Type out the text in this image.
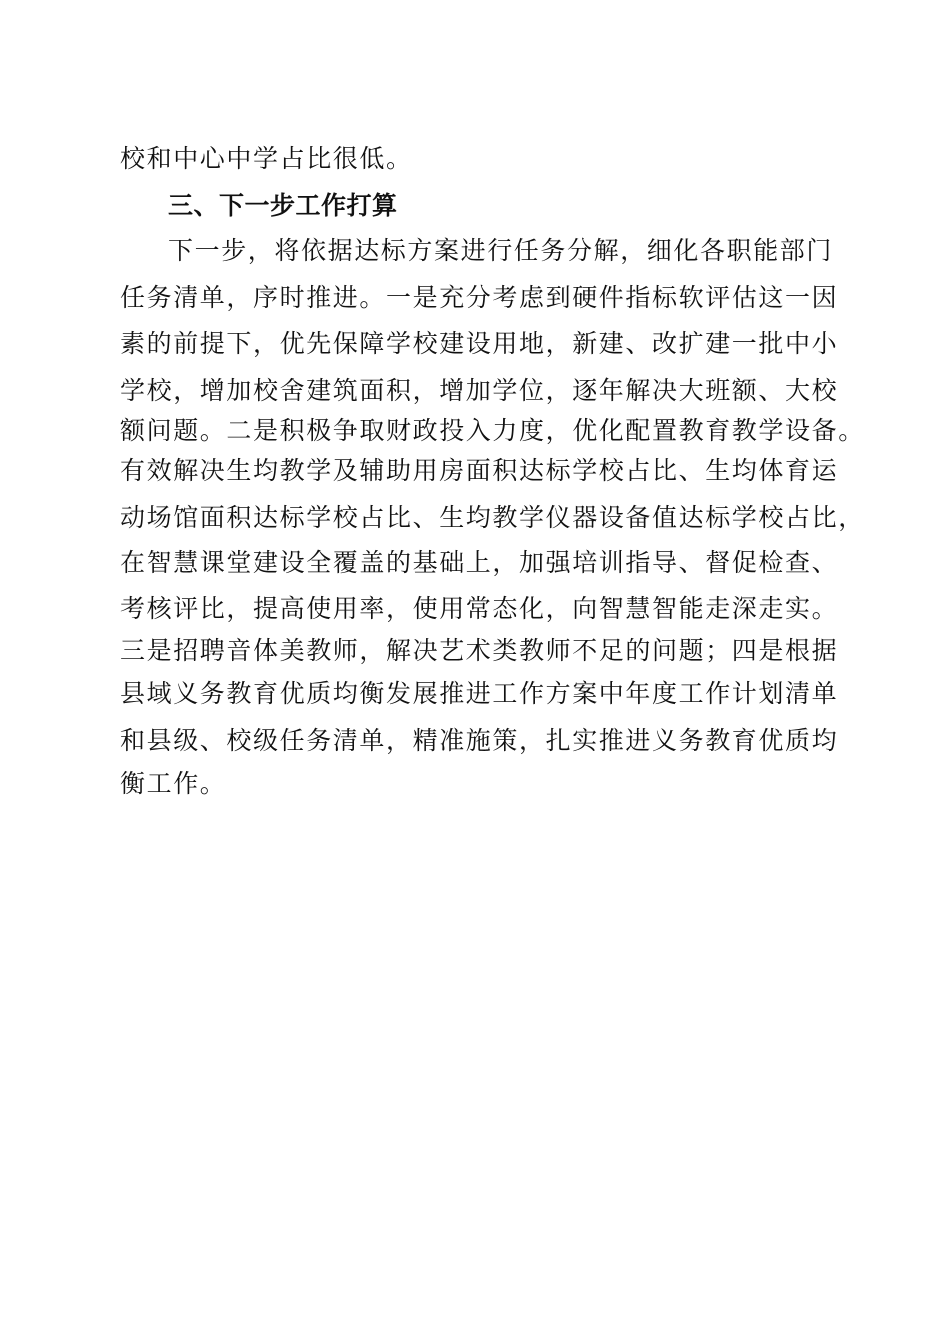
校和中心中学占比很低。
三、下一步工作打算
下一步，将依据达标方案进行任务分解，细化各职能部门
任务清单，序时推进。一是充分考虑到硬件指标软评估这一因
素的前提下，优先保障学校建设用地，新建、改扩建一批中小
学校，增加校舍建筑面积，增加学位，逐年解决大班额、大校
额问题。二是积极争取财政投入力度，优化配置教育教学设备。
有效解决生均教学及辅助用房面积达标学校占比、生均体育运
动场馆面积达标学校占比、生均教学仪器设备值达标学校占比，
在智慧课堂建设全覆盖的基础上，加强培训指导、督促检查、
考核评比，提高使用率，使用常态化，向智慧智能走深走实。
三是招聘音体美教师，解决艺术类教师不足的问题；四是根据
县域义务教育优质均衡发展推进工作方案中年度工作计划清单
和县级、校级任务清单，精准施策，扎实推进义务教育优质均
衡工作。
